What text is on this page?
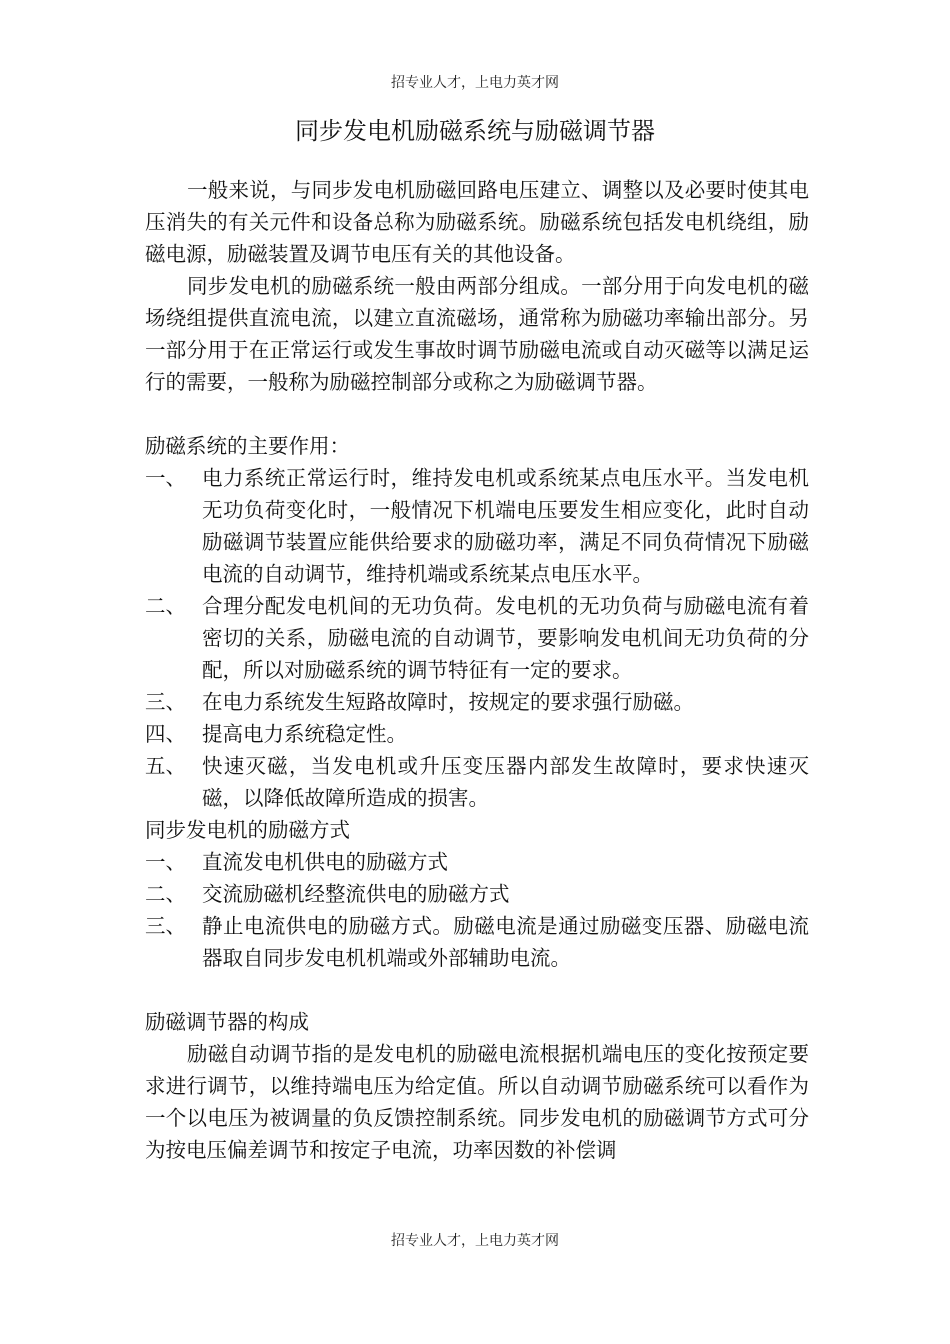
招专业人才，上电力英才网
同步发电机励磁系统与励磁调节器

一般来说，与同步发电机励磁回路电压建立、调整以及必要时使其电压消失的有关元件和设备总称为励磁系统。励磁系统包括发电机绕组，励磁电源，励磁装置及调节电压有关的其他设备。

同步发电机的励磁系统一般由两部分组成。一部分用于向发电机的磁场绕组提供直流电流，以建立直流磁场，通常称为励磁功率输出部分。另一部分用于在正常运行或发生事故时调节励磁电流或自动灭磁等以满足运行的需要，一般称为励磁控制部分或称之为励磁调节器。

励磁系统的主要作用：

一、 电力系统正常运行时，维持发电机或系统某点电压水平。当发电机无功负荷变化时，一般情况下机端电压要发生相应变化，此时自动励磁调节装置应能供给要求的励磁功率，满足不同负荷情况下励磁电流的自动调节，维持机端或系统某点电压水平。
二、 合理分配发电机间的无功负荷。发电机的无功负荷与励磁电流有着密切的关系，励磁电流的自动调节，要影响发电机间无功负荷的分配，所以对励磁系统的调节特征有一定的要求。
三、 在电力系统发生短路故障时，按规定的要求强行励磁。
四、 提高电力系统稳定性。
五、 快速灭磁，当发电机或升压变压器内部发生故障时，要求快速灭磁，以降低故障所造成的损害。

同步发电机的励磁方式

一、 直流发电机供电的励磁方式
二、 交流励磁机经整流供电的励磁方式
三、 静止电流供电的励磁方式。励磁电流是通过励磁变压器、励磁电流器取自同步发电机机端或外部辅助电流。

励磁调节器的构成

励磁自动调节指的是发电机的励磁电流根据机端电压的变化按预定要求进行调节，以维持端电压为给定值。所以自动调节励磁系统可以看作为一个以电压为被调量的负反馈控制系统。同步发电机的励磁调节方式可分为按电压偏差调节和按定子电流，功率因数的补偿调

招专业人才，上电力英才网
